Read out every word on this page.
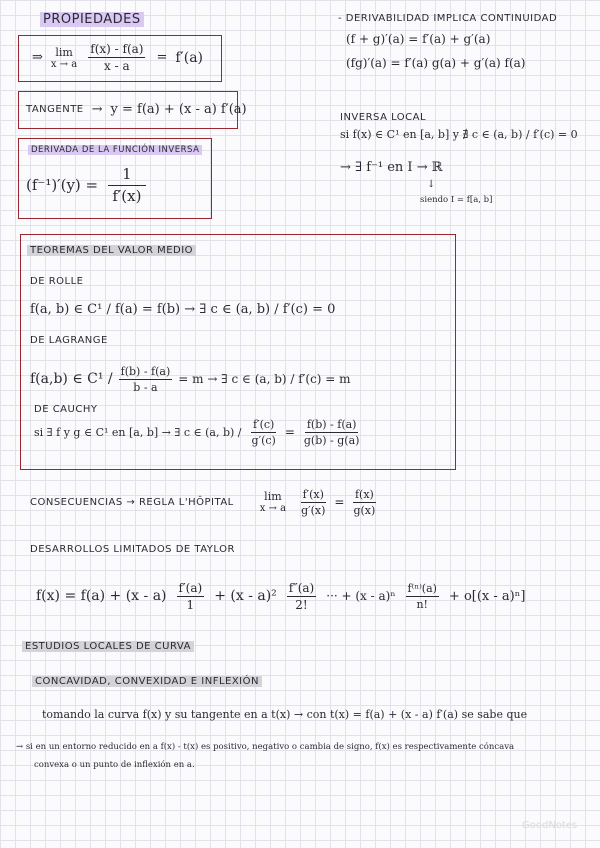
PROPIEDADES
⇒ lim
x → a $\frac{f(x) - f(a)}{x - a} = f'(a)$
TANGENTE → y = f(a) + (x - a) f′(a)
DERIVADA DE LA FUNCIÓN INVERSA
$(f^{-1})'(y) = \frac{1}{f'(x)}$
- DERIVABILIDAD IMPLICA CONTINUIDAD
(f + g)′(a) = f′(a) + g′(a)
(fg)′(a) = f′(a) g(a) + g′(a) f(a)
INVERSA LOCAL
si f(x) ∈ C¹ en [a, b] y ∄ c ∈ (a, b) / f′(c) = 0
→ ∃ f⁻¹ en I → ℝ
↓
siendo I = f[a, b]
TEOREMAS DEL VALOR MEDIO
DE ROLLE
f(a, b) ∈ C¹ / f(a) = f(b) → ∃ c ∈ (a, b) / f′(c) = 0
DE LAGRANGE
f(a,b) ∈ $C^1 / \frac{f(b) - f(a)}{b - a} = m$ → ∃ c ∈ (a, b) / f′(c) = m
DE CAUCHY
si ∃ f y g ∈ C¹ en [a, b] → ∃ c ∈ (a, $b) / \frac{f'(c)}{g'(c)} = \frac{f(b) - f(a)}{g(b) - g(a)}$
CONSECUENCIAS → REGLA L'HÔPITAL	lim
x → a $\frac{f'(x)}{g'(x)} = \frac{f(x)}{g(x)}$
DESARROLLOS LIMITADOS DE TAYLOR
$f(x) = f(a) + (x - a) \frac{f'(a)}{1} + (x - a)^2 \frac{f''(a)}{2!}$ ··· + $(x - a)^n \frac{\text{f⁽ⁿ⁾(a)}}{n!} + o[(x - a)^n]$
ESTUDIOS LOCALES DE CURVA
CONCAVIDAD, CONVEXIDAD E INFLEXIÓN
tomando la curva f(x) y su tangente en a t(x) → con t(x) = f(a) + (x - a) f′(a) se sabe que
→ si en un entorno reducido en a f(x) - t(x) es positivo, negativo o cambia de signo, f(x) es respectivamente cóncava
convexa o un punto de inflexión en a.
GoodNotes
